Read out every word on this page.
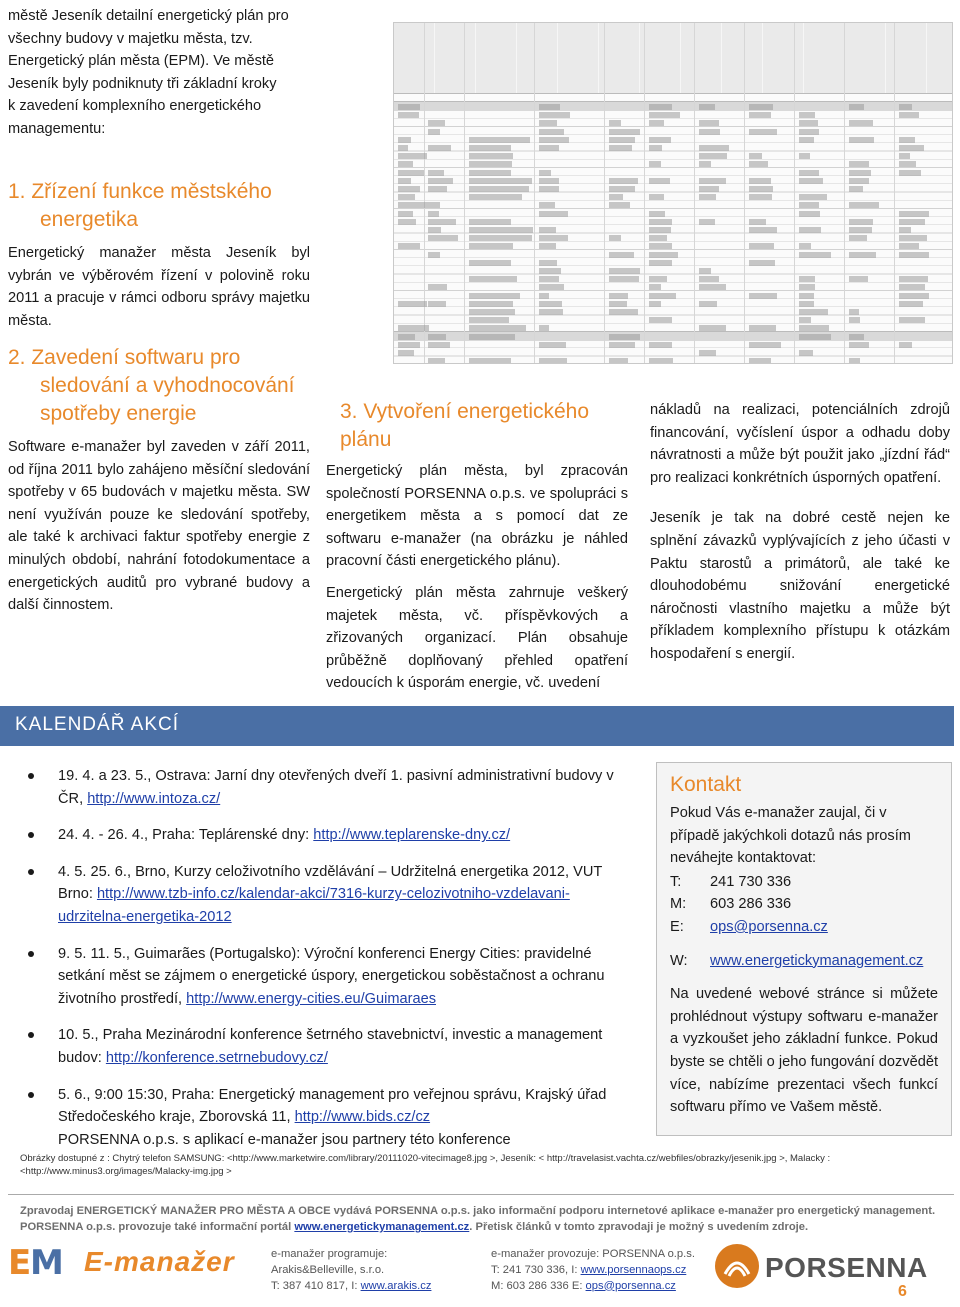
městě Jeseník detailní energetický plán pro

všechny budovy v majetku města, tzv.

Energetický plán města (EPM). Ve městě

Jeseník byly podniknuty tři základní kroky

k zavedení komplexního energetického

managementu:

1. Zřízení funkce městského energetika

Energetický manažer města Jeseník byl vybrán ve výběrovém řízení v polovině roku 2011 a pracuje v rámci odboru správy majetku města.

2. Zavedení softwaru pro sledování a vyhodnocování spotřeby energie

Software e-manažer byl zaveden v září 2011, od října 2011 bylo zahájeno měsíční sledování spotřeby v 65 budovách v majetku města. SW není využíván pouze ke sledování spotřeby, ale také k archivaci faktur spotřeby energie z minulých období, nahrání fotodokumentace a energetických auditů pro vybrané budovy a další činnostem.

3. Vytvoření energetického plánu

Energetický plán města, byl zpracován společností PORSENNA o.p.s. ve spolupráci s energetikem města a s pomocí dat ze softwaru e-manažer (na obrázku je náhled pracovní části energetického plánu).

Energetický plán města zahrnuje veškerý majetek města, vč. příspěvkových a zřizovaných organizací. Plán obsahuje průběžně doplňovaný přehled opatření vedoucích k úsporám energie, vč. uvedení

nákladů na realizaci, potenciálních zdrojů financování, vyčíslení úspor a odhadu doby návratnosti a může být použit jako „jízdní řád“ pro realizaci konkrétních úsporných opatření.

Jeseník je tak na dobré cestě nejen ke splnění závazků vyplývajících z jeho účasti v Paktu starostů a primátorů, ale také ke dlouhodobému snižování energetické náročnosti vlastního majetku a může být příkladem komplexního přístupu k otázkám hospodaření s energií.

KALENDÁŘ AKCÍ
19. 4. a 23. 5., Ostrava: Jarní dny otevřených dveří 1. pasivní administrativní budovy v ČR, http://www.intoza.cz/
24. 4. - 26. 4., Praha: Teplárenské dny: http://www.teplarenske-dny.cz/
4. 5. 25. 6., Brno, Kurzy celoživotního vzdělávání – Udržitelná energetika 2012, VUT Brno: http://www.tzb-info.cz/kalendar-akci/7316-kurzy-celozivotniho-vzdelavani-udrzitelna-energetika-2012
9. 5. 11. 5., Guimarães (Portugalsko): Výroční konferenci Energy Cities: pravidelné setkání měst se zájmem o energetické úspory, energetickou soběstačnost a ochranu životního prostředí, http://www.energy-cities.eu/Guimaraes
10. 5., Praha Mezinárodní konference šetrného stavebnictví, investic a management budov: http://konference.setrnebudovy.cz/
5. 6., 9:00 15:30, Praha: Energetický management pro veřejnou správu, Krajský úřad Středočeského kraje, Zborovská 11, http://www.bids.cz/cz
PORSENNA o.p.s. s aplikací e-manažer jsou partnery této konference
Kontakt

Pokud Vás e-manažer zaujal, či v případě jakýchkoli dotazů nás prosím neváhejte kontaktovat:

T: 241 730 336
M: 603 286 336
E: ops@porsenna.cz
W: www.energetickymanagement.cz

Na uvedené webové stránce si můžete prohlédnout výstupy softwaru e-manažer a vyzkoušet jeho základní funkce. Pokud byste se chtěli o jeho fungování dozvědět více, nabízíme prezentaci všech funkcí softwaru přímo ve Vašem městě.

Obrázky dostupné z : Chytrý telefon SAMSUNG: <http://www.marketwire.com/library/20111020-vitecimage8.jpg >, Jeseník: < http://travelasist.vachta.cz/webfiles/obrazky/jesenik.jpg >, Malacky : <http://www.minus3.org/images/Malacky-img.jpg >
Zpravodaj ENERGETICKÝ MANAŽER PRO MĚSTA A OBCE vydává PORSENNA o.p.s. jako informační podporu internetové aplikace e-manažer pro energetický management.
PORSENNA o.p.s. provozuje také informační portál www.energetickymanagement.cz. Přetisk článků v tomto zpravodaji je možný s uvedením zdroje.
E
M E-manažer	e-manažer programuje:
Arakis&Belleville, s.r.o.
T: 387 410 817, I: www.arakis.cz
e-manažer provozuje: PORSENNA o.p.s.
T: 241 730 336, I: www.porsennaops.cz
M: 603 286 336 E: ops@porsenna.cz
PORSENNA
6
